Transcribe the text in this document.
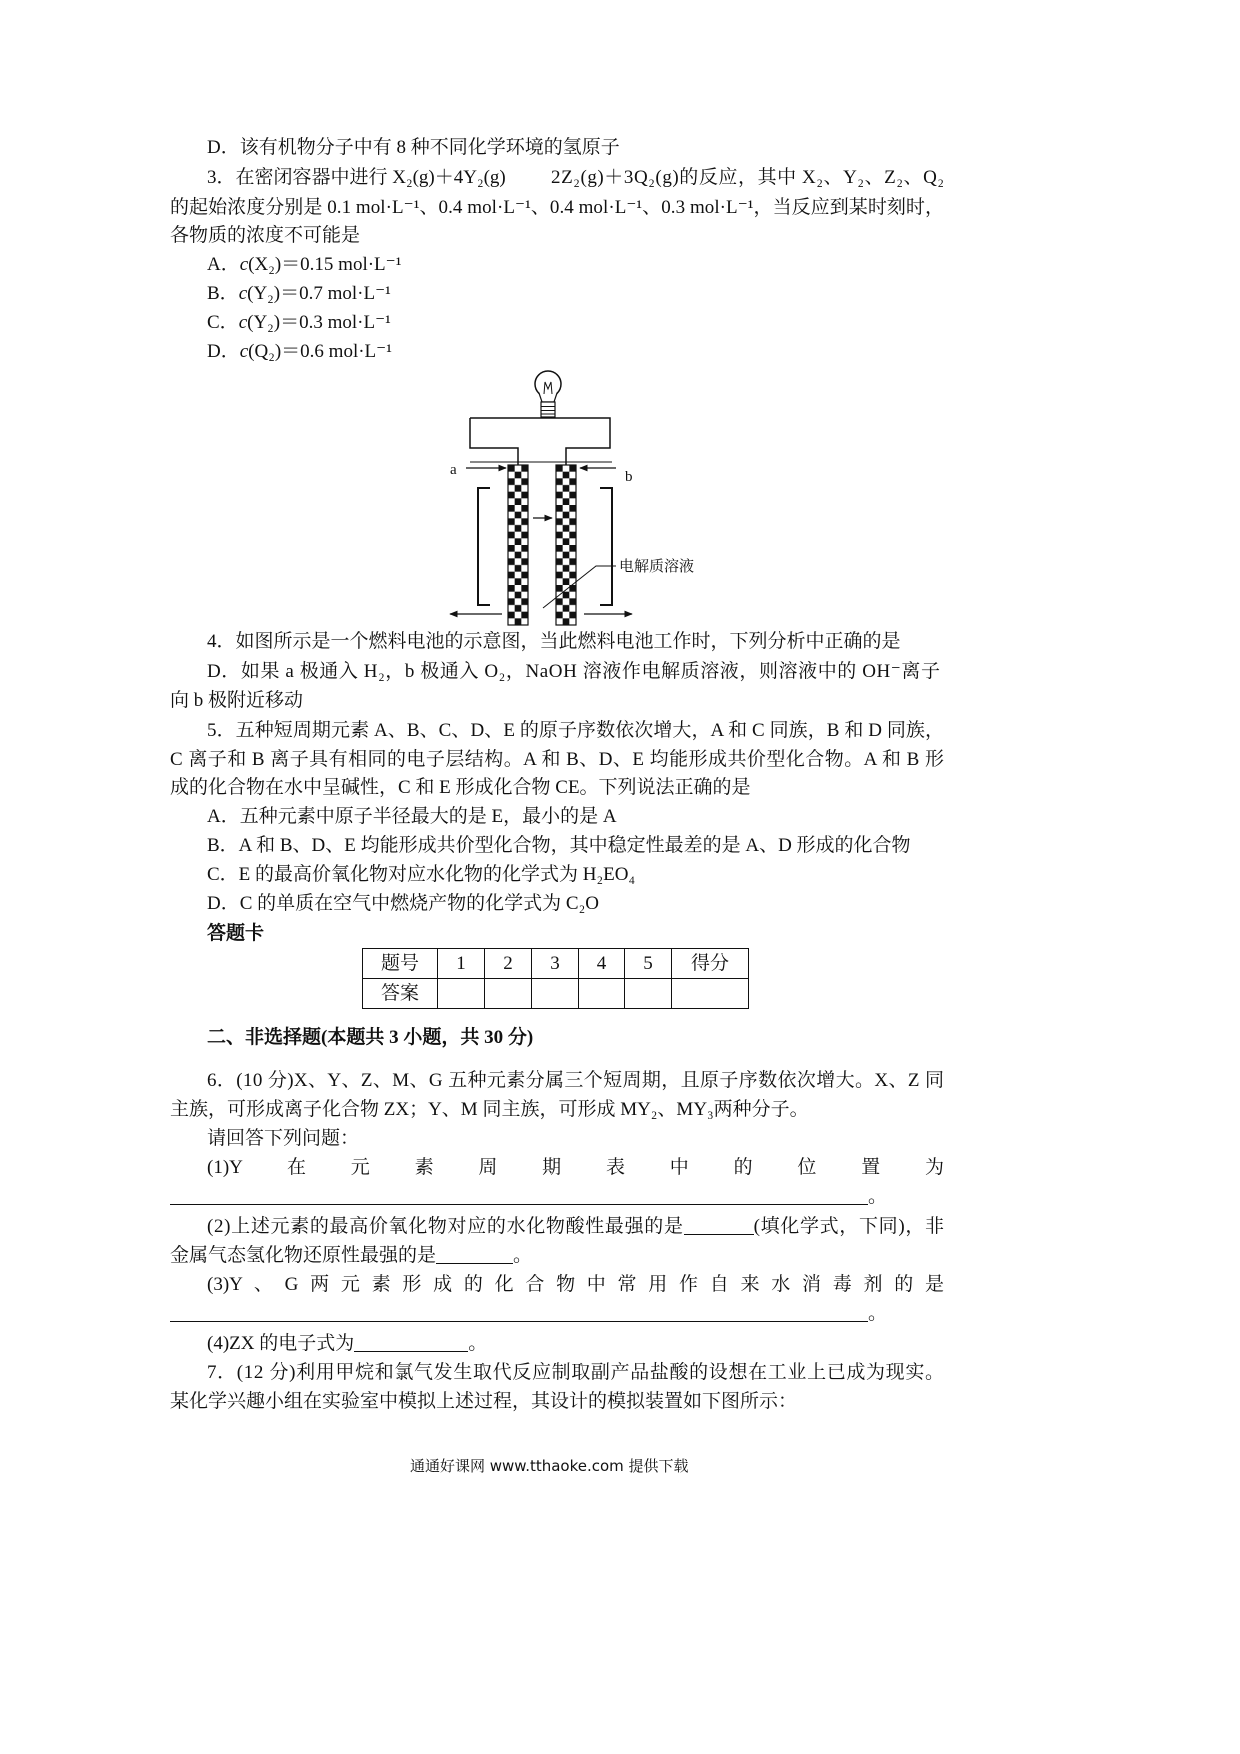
D．该有机物分子中有 8 种不同化学环境的氢原子
3．在密闭容器中进行 X₂(g)＋4Y₂(g) 2Z₂(g)＋3Q₂(g)的反应，其中 X₂、Y₂、Z₂、Q₂
的起始浓度分别是 0.1 mol·L⁻¹、0.4 mol·L⁻¹、0.4 mol·L⁻¹、0.3 mol·L⁻¹，当反应到某时刻时，
各物质的浓度不可能是
A．c(X₂)＝0.15 mol·L⁻¹
B．c(Y₂)＝0.7 mol·L⁻¹
C．c(Y₂)＝0.3 mol·L⁻¹
D．c(Q₂)＝0.6 mol·L⁻¹
a	b
电解质溶液
4．如图所示是一个燃料电池的示意图，当此燃料电池工作时，下列分析中正确的是
D．如果 a 极通入 H₂，b 极通入 O₂，NaOH 溶液作电解质溶液，则溶液中的 OH⁻离子
向 b 极附近移动
5．五种短周期元素 A、B、C、D、E 的原子序数依次增大，A 和 C 同族，B 和 D 同族，
C 离子和 B 离子具有相同的电子层结构。A 和 B、D、E 均能形成共价型化合物。A 和 B 形
成的化合物在水中呈碱性，C 和 E 形成化合物 CE。下列说法正确的是
A．五种元素中原子半径最大的是 E，最小的是 A
B．A 和 B、D、E 均能形成共价型化合物，其中稳定性最差的是 A、D 形成的化合物
C．E 的最高价氧化物对应水化物的化学式为 H₂EO₄
D．C 的单质在空气中燃烧产物的化学式为 C₂O
答题卡
题号	1	2	3	4	5	得分
答案						
二、非选择题(本题共 3 小题，共 30 分)
6．(10 分)X、Y、Z、M、G 五种元素分属三个短周期，且原子序数依次增大。X、Z 同
主族，可形成离子化合物 ZX；Y、M 同主族，可形成 MY₂、MY₃两种分子。
请回答下列问题：
(1)Y 在 元 素 周 期 表 中 的 位 置 为
。
(2)上述元素的最高价氧化物对应的水化物酸性最强的是	(填化学式，下同)，非
金属气态氢化物还原性最强的是	。
(3)Y 、 G 两 元 素 形 成 的 化 合 物 中 常 用 作 自 来 水 消 毒 剂 的 是
。
(4)ZX 的电子式为	。
7．(12 分)利用甲烷和氯气发生取代反应制取副产品盐酸的设想在工业上已成为现实。
某化学兴趣小组在实验室中模拟上述过程，其设计的模拟装置如下图所示：
通通好课网 www.tthaoke.com 提供下载
